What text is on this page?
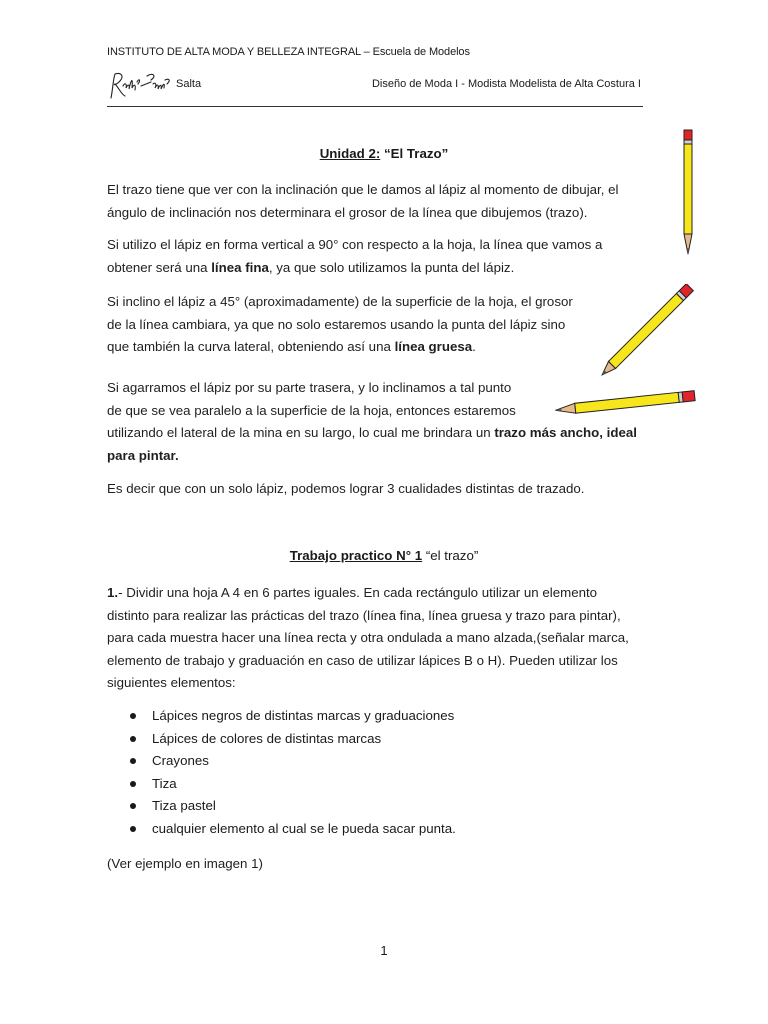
INSTITUTO DE ALTA MODA Y BELLEZA INTEGRAL – Escuela de Modelos
Salta	Diseño de Moda I - Modista Modelista de Alta Costura I
Unidad 2: “El Trazo”

El trazo tiene que ver con la inclinación que le damos al lápiz al momento de dibujar, el
ángulo de inclinación nos determinara el grosor de la línea que dibujemos (trazo).

Si utilizo el lápiz en forma vertical a 90° con respecto a la hoja, la línea que vamos a
obtener será una línea fina, ya que solo utilizamos la punta del lápiz.

Si inclino el lápiz a 45° (aproximadamente) de la superficie de la hoja, el grosor
de la línea cambiara, ya que no solo estaremos usando la punta del lápiz sino
que también la curva lateral, obteniendo así una línea gruesa.

Si agarramos el lápiz por su parte trasera, y lo inclinamos a tal punto
de que se vea paralelo a la superficie de la hoja, entonces estaremos
utilizando el lateral de la mina en su largo, lo cual me brindara un trazo más ancho, ideal
para pintar.

Es decir que con un solo lápiz, podemos lograr 3 cualidades distintas de trazado.

Trabajo practico N° 1 “el trazo”

1.- Dividir una hoja A 4 en 6 partes iguales. En cada rectángulo utilizar un elemento
distinto para realizar las prácticas del trazo (línea fina, línea gruesa y trazo para pintar),
para cada muestra hacer una línea recta y otra ondulada a mano alzada,(señalar marca,
elemento de trabajo y graduación en caso de utilizar lápices B o H). Pueden utilizar los
siguientes elementos:

Lápices negros de distintas marcas y graduaciones
Lápices de colores de distintas marcas
Crayones
Tiza
Tiza pastel
cualquier elemento al cual se le pueda sacar punta.

(Ver ejemplo en imagen 1)

1
